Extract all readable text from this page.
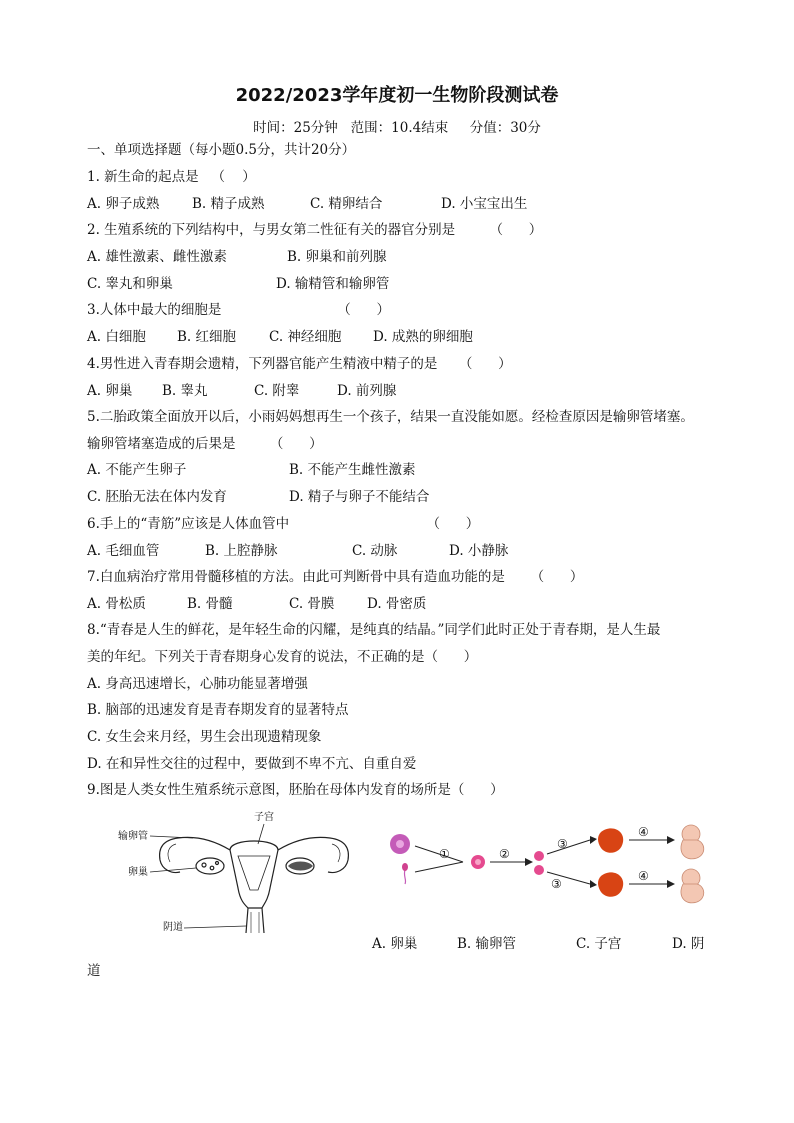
2022/2023学年度初一生物阶段测试卷
时间：25分钟   范围：10.4结束     分值：30分
一、单项选择题（每小题0.5分，共计20分）
1. 新生命的起点是   （    ）
A. 卵子成熟 B. 精子成熟	C. 精卵结合	D. 小宝宝出生
2. 生殖系统的下列结构中，与男女第二性征有关的器官分别是        （      ）
A. 雄性激素、雌性激素	B. 卵巢和前列腺
C. 睾丸和卵巢	D. 输精管和输卵管
3.人体中最大的细胞是                           （      ）
A. 白细胞 B. 红细胞 C. 神经细胞 D. 成熟的卵细胞
4.男性进入青春期会遗精，下列器官能产生精液中精子的是     （      ）
A. 卵巢 B. 睾丸	C. 附睾	D. 前列腺
5.二胎政策全面放开以后，小雨妈妈想再生一个孩子，结果一直没能如愿。经检查原因是输卵管堵塞。
输卵管堵塞造成的后果是        （      ）
A. 不能产生卵子	B. 不能产生雌性激素
C. 胚胎无法在体内发育	D. 精子与卵子不能结合
6.手上的“青筋”应该是人体血管中                                （      ）
A. 毛细血管	B. 上腔静脉	C. 动脉	D. 小静脉
7.白血病治疗常用骨髓移植的方法。由此可判断骨中具有造血功能的是      （      ）
A. 骨松质	B. 骨髓	C. 骨膜 D. 骨密质
8.“青春是人生的鲜花，是年轻生命的闪耀，是纯真的结晶。”同学们此时正处于青春期，是人生最
美的年纪。下列关于青春期身心发育的说法，不正确的是（      ）
A. 身高迅速增长，心肺功能显著增强
B. 脑部的迅速发育是青春期发育的显著特点
C. 女生会来月经，男生会出现遗精现象
D. 在和异性交往的过程中，要做到不卑不亢、自重自爱
9.图是人类女性生殖系统示意图，胚胎在母体内发育的场所是（      ）
子宫
输卵管
卵巢
阴道
①	②
③
③
④
④
A. 卵巢	B. 输卵管	C. 子宫	D. 阴
道
